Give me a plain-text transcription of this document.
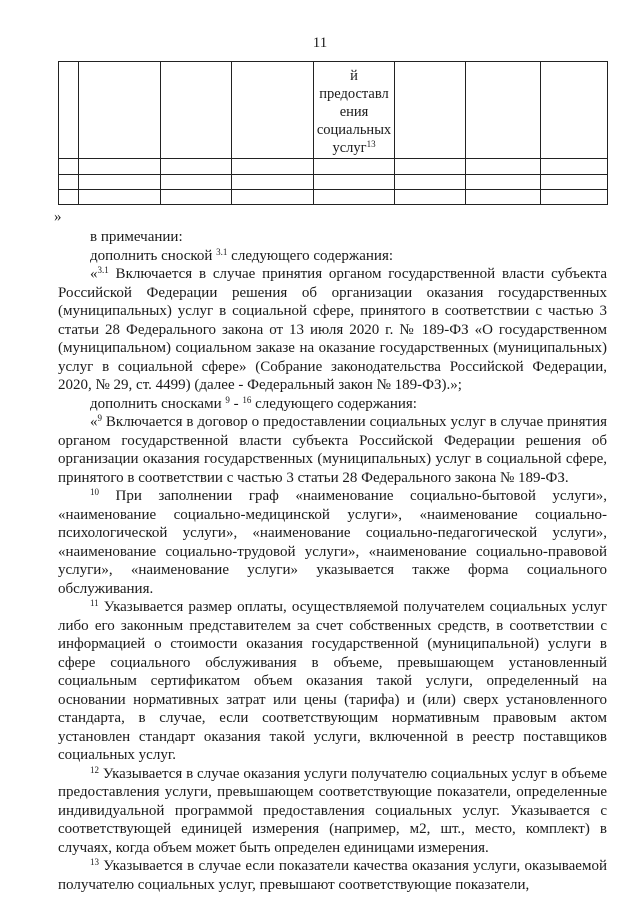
11

				й предоставл ения социальных услуг$^{13}$

»

в примечании:

дополнить сноской $^{3.1}$ следующего содержания:

«$^{3.1}$ Включается в случае принятия органом государственной власти субъекта Российской Федерации решения об организации оказания государственных (муниципальных) услуг в социальной сфере, принятого в соответствии с частью 3 статьи 28 Федерального закона от 13 июля 2020 г. № 189-ФЗ «О государственном (муниципальном) социальном заказе на оказание государственных (муниципальных) услуг в социальной сфере» (Собрание законодательства Российской Федерации, 2020, № 29, ст. 4499) (далее - Федеральный закон № 189-ФЗ).»;

дополнить сносками $^9$ - $^{16}$ следующего содержания:

«$^9$ Включается в договор о предоставлении социальных услуг в случае принятия органом государственной власти субъекта Российской Федерации решения об организации оказания государственных (муниципальных) услуг в социальной сфере, принятого в соответствии с частью 3 статьи 28 Федерального закона № 189-ФЗ.

$^{10}$ При заполнении граф «наименование социально-бытовой услуги», «наименование социально-медицинской услуги», «наименование социально-психологической услуги», «наименование социально-педагогической услуги», «наименование социально-трудовой услуги», «наименование социально-правовой услуги», «наименование услуги» указывается также форма социального обслуживания.

$^{11}$ Указывается размер оплаты, осуществляемой получателем социальных услуг либо его законным представителем за счет собственных средств, в соответствии с информацией о стоимости оказания государственной (муниципальной) услуги в сфере социального обслуживания в объеме, превышающем установленный социальным сертификатом объем оказания такой услуги, определенный на основании нормативных затрат или цены (тарифа) и (или) сверх установленного стандарта, в случае, если соответствующим нормативным правовым актом установлен стандарт оказания такой услуги, включенной в реестр поставщиков социальных услуг.

$^{12}$ Указывается в случае оказания услуги получателю социальных услуг в объеме предоставления услуги, превышающем соответствующие показатели, определенные индивидуальной программой предоставления социальных услуг. Указывается с соответствующей единицей измерения (например, м2, шт., место, комплект) в случаях, когда объем может быть определен единицами измерения.

$^{13}$ Указывается в случае если показатели качества оказания услуги, оказываемой получателю социальных услуг, превышают соответствующие показатели,
